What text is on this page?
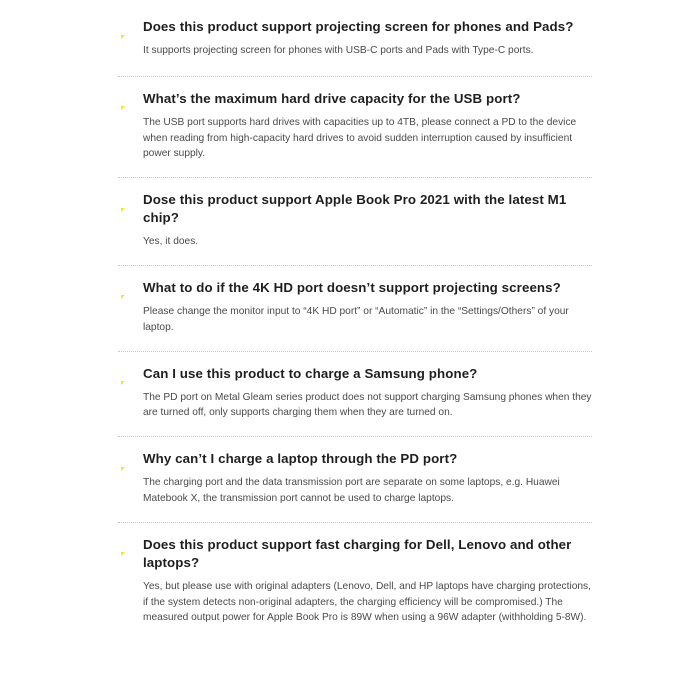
Does this product support projecting screen for phones and Pads?
It supports projecting screen for phones with USB-C ports and Pads with Type-C ports.
What’s the maximum hard drive capacity for the USB port?
The USB port supports hard drives with capacities up to 4TB, please connect a PD to the device when reading from high-capacity hard drives to avoid sudden interruption caused by insufficient power supply.
Dose this product support Apple Book Pro 2021 with the latest M1 chip?
Yes, it does.
What to do if the 4K HD port doesn’t support projecting screens?
Please change the monitor input to “4K HD port” or “Automatic” in the “Settings/Others” of your laptop.
Can I use this product to charge a Samsung phone?
The PD port on Metal Gleam series product does not support charging Samsung phones when they are turned off, only supports charging them when they are turned on.
Why can’t I charge a laptop through the PD port?
The charging port and the data transmission port are separate on some laptops, e.g. Huawei Matebook X, the transmission port cannot be used to charge laptops.
Does this product support fast charging for Dell, Lenovo and other laptops?
Yes, but please use with original adapters (Lenovo, Dell, and HP laptops have charging protections, if the system detects non-original adapters, the charging efficiency will be compromised.) The measured output power for Apple Book Pro is 89W when using a 96W adapter (withholding 5-8W).
